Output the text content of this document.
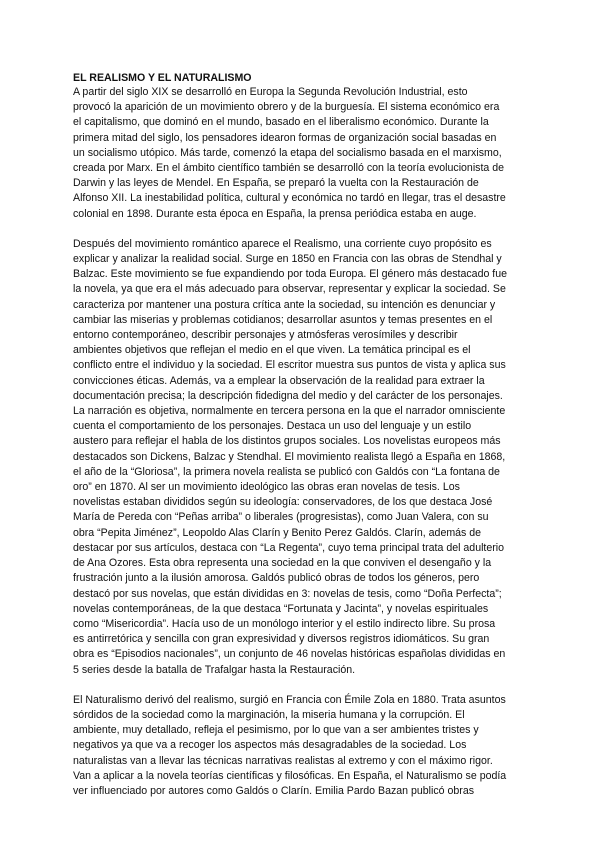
EL REALISMO Y EL NATURALISMO
A partir del siglo XIX se desarrolló en Europa la Segunda Revolución Industrial, esto
provocó la aparición de un movimiento obrero y de la burguesía. El sistema económico era
el capitalismo, que dominó en el mundo, basado en el liberalismo económico. Durante la
primera mitad del siglo, los pensadores idearon formas de organización social basadas en
un socialismo utópico. Más tarde, comenzó la etapa del socialismo basada en el marxismo,
creada por Marx. En el ámbito científico también se desarrolló con la teoría evolucionista de
Darwin y las leyes de Mendel. En España, se preparó la vuelta con la Restauración de
Alfonso XII. La inestabilidad política, cultural y económica no tardó en llegar, tras el desastre
colonial en 1898. Durante esta época en España, la prensa periódica estaba en auge.
Después del movimiento romántico aparece el Realismo, una corriente cuyo propósito es
explicar y analizar la realidad social. Surge en 1850 en Francia con las obras de Stendhal y
Balzac. Este movimiento se fue expandiendo por toda Europa. El género más destacado fue
la novela, ya que era el más adecuado para observar, representar y explicar la sociedad. Se
caracteriza por mantener una postura crítica ante la sociedad, su intención es denunciar y
cambiar las miserias y problemas cotidianos; desarrollar asuntos y temas presentes en el
entorno contemporáneo, describir personajes y atmósferas verosímiles y describir
ambientes objetivos que reflejan el medio en el que viven. La temática principal es el
conflicto entre el individuo y la sociedad. El escritor muestra sus puntos de vista y aplica sus
convicciones éticas. Además, va a emplear la observación de la realidad para extraer la
documentación precisa; la descripción fidedigna del medio y del carácter de los personajes.
La narración es objetiva, normalmente en tercera persona en la que el narrador omnisciente
cuenta el comportamiento de los personajes. Destaca un uso del lenguaje y un estilo
austero para reflejar el habla de los distintos grupos sociales. Los novelistas europeos más
destacados son Dickens, Balzac y Stendhal. El movimiento realista llegó a España en 1868,
el año de la “Gloriosa”, la primera novela realista se publicó con Galdós con “La fontana de
oro” en 1870. Al ser un movimiento ideológico las obras eran novelas de tesis. Los
novelistas estaban divididos según su ideología: conservadores, de los que destaca José
María de Pereda con “Peñas arriba” o liberales (progresistas), como Juan Valera, con su
obra “Pepita Jiménez”, Leopoldo Alas Clarín y Benito Perez Galdós. Clarín, además de
destacar por sus artículos, destaca con “La Regenta”, cuyo tema principal trata del adulterio
de Ana Ozores. Esta obra representa una sociedad en la que conviven el desengaño y la
frustración junto a la ilusión amorosa. Galdós publicó obras de todos los géneros, pero
destacó por sus novelas, que están divididas en 3: novelas de tesis, como “Doña Perfecta”;
novelas contemporáneas, de la que destaca “Fortunata y Jacinta”, y novelas espirituales
como “Misericordia”. Hacía uso de un monólogo interior y el estilo indirecto libre. Su prosa
es antirretórica y sencilla con gran expresividad y diversos registros idiomáticos. Su gran
obra es “Episodios nacionales”, un conjunto de 46 novelas históricas españolas divididas en
5 series desde la batalla de Trafalgar hasta la Restauración.
El Naturalismo derivó del realismo, surgió en Francia con Émile Zola en 1880. Trata asuntos
sórdidos de la sociedad como la marginación, la miseria humana y la corrupción. El
ambiente, muy detallado, refleja el pesimismo, por lo que van a ser ambientes tristes y
negativos ya que va a recoger los aspectos más desagradables de la sociedad. Los
naturalistas van a llevar las técnicas narrativas realistas al extremo y con el máximo rigor.
Van a aplicar a la novela teorías científicas y filosóficas. En España, el Naturalismo se podía
ver influenciado por autores como Galdós o Clarín. Emilia Pardo Bazan publicó obras
